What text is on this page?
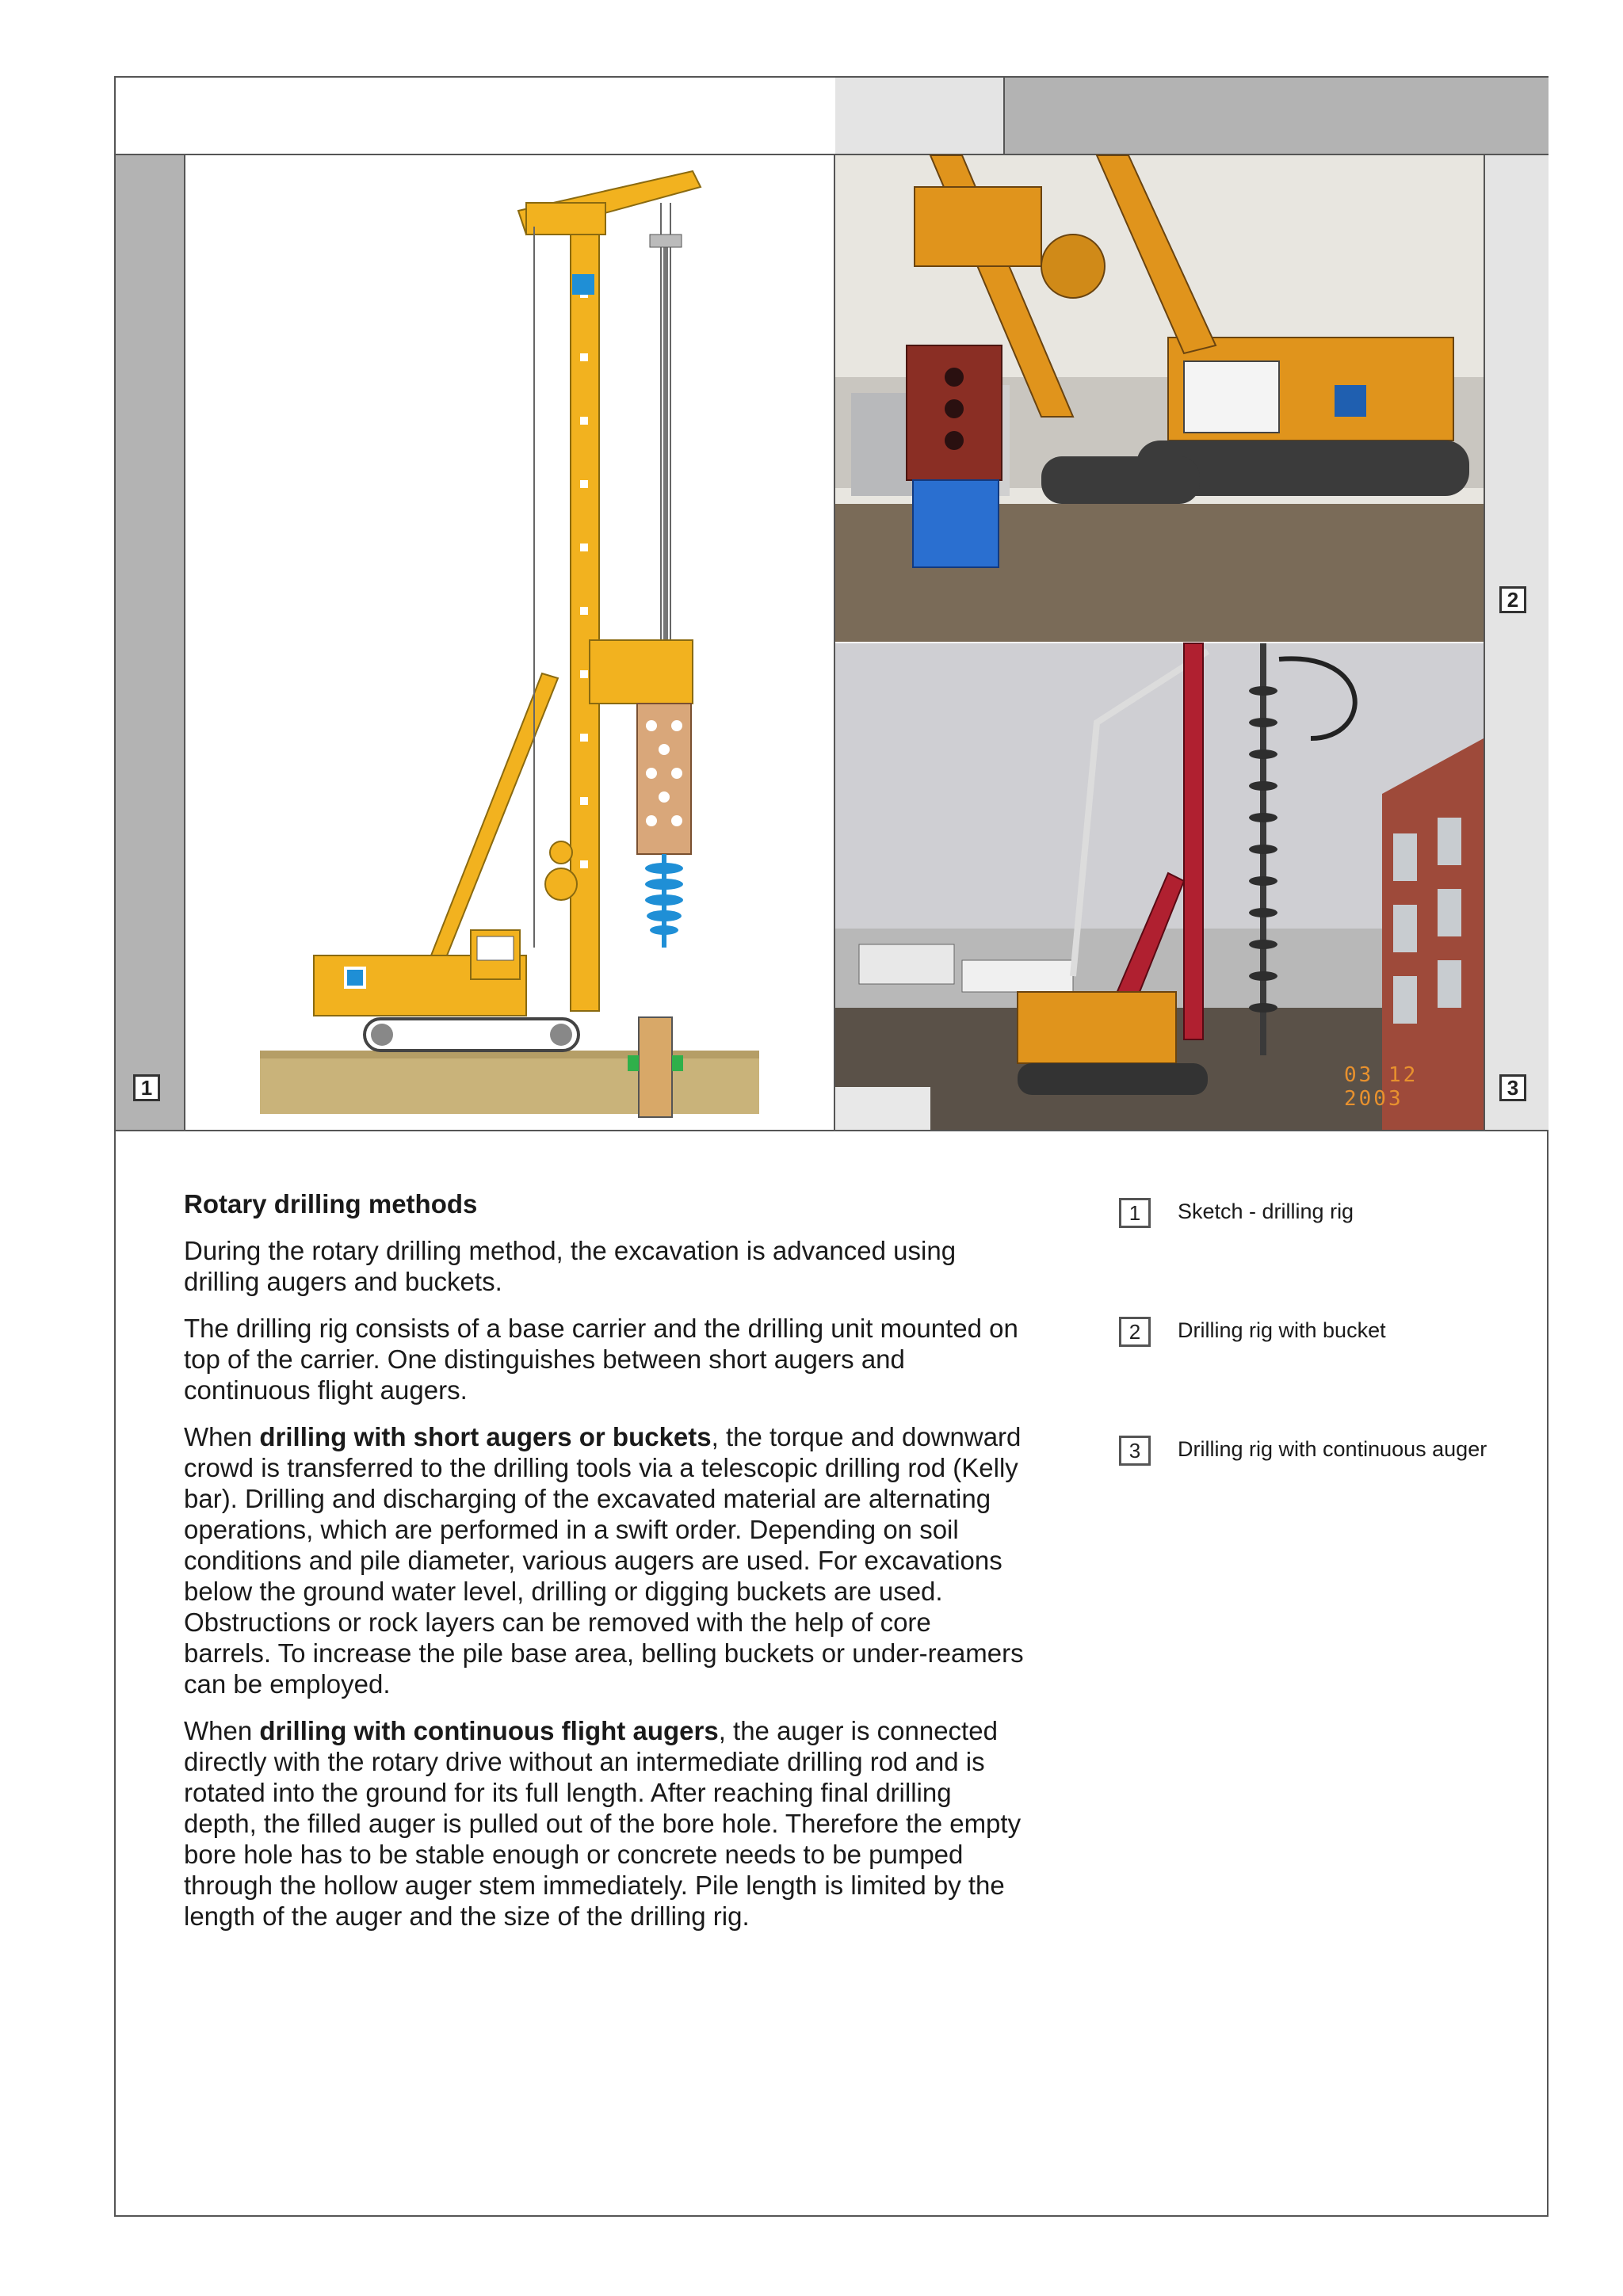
2
03 12 2003	3
1
Rotary drilling methods

During the rotary drilling method, the excavation is advanced using drilling augers and buckets.

The drilling rig consists of a base carrier and the drilling unit mounted on top of the carrier. One distinguishes between short augers and continuous flight augers.

When drilling with short augers or buckets, the torque and downward crowd is transferred to the drilling tools via a telescopic drilling rod (Kelly bar). Drilling and discharging of the excavated material are alternating operations, which are performed in a swift order. Depending on soil conditions and pile diameter, various augers are used. For excavations below the ground water level, drilling or digging buckets are used. Obstructions or rock layers can be removed with the help of core barrels. To increase the pile base area, belling buckets or under-reamers can be employed.

When drilling with continuous flight augers, the auger is connected directly with the rotary drive without an intermediate drilling rod and is rotated into the ground for its full length. After reaching final drilling depth, the filled auger is pulled out of the bore hole. Therefore the empty bore hole has to be stable enough or concrete needs to be pumped through the hollow auger stem immediately. Pile length is limited by the length of the auger and the size of the drilling rig.

1	Sketch - drilling rig
2	Drilling rig with bucket
3	Drilling rig with continuous auger
